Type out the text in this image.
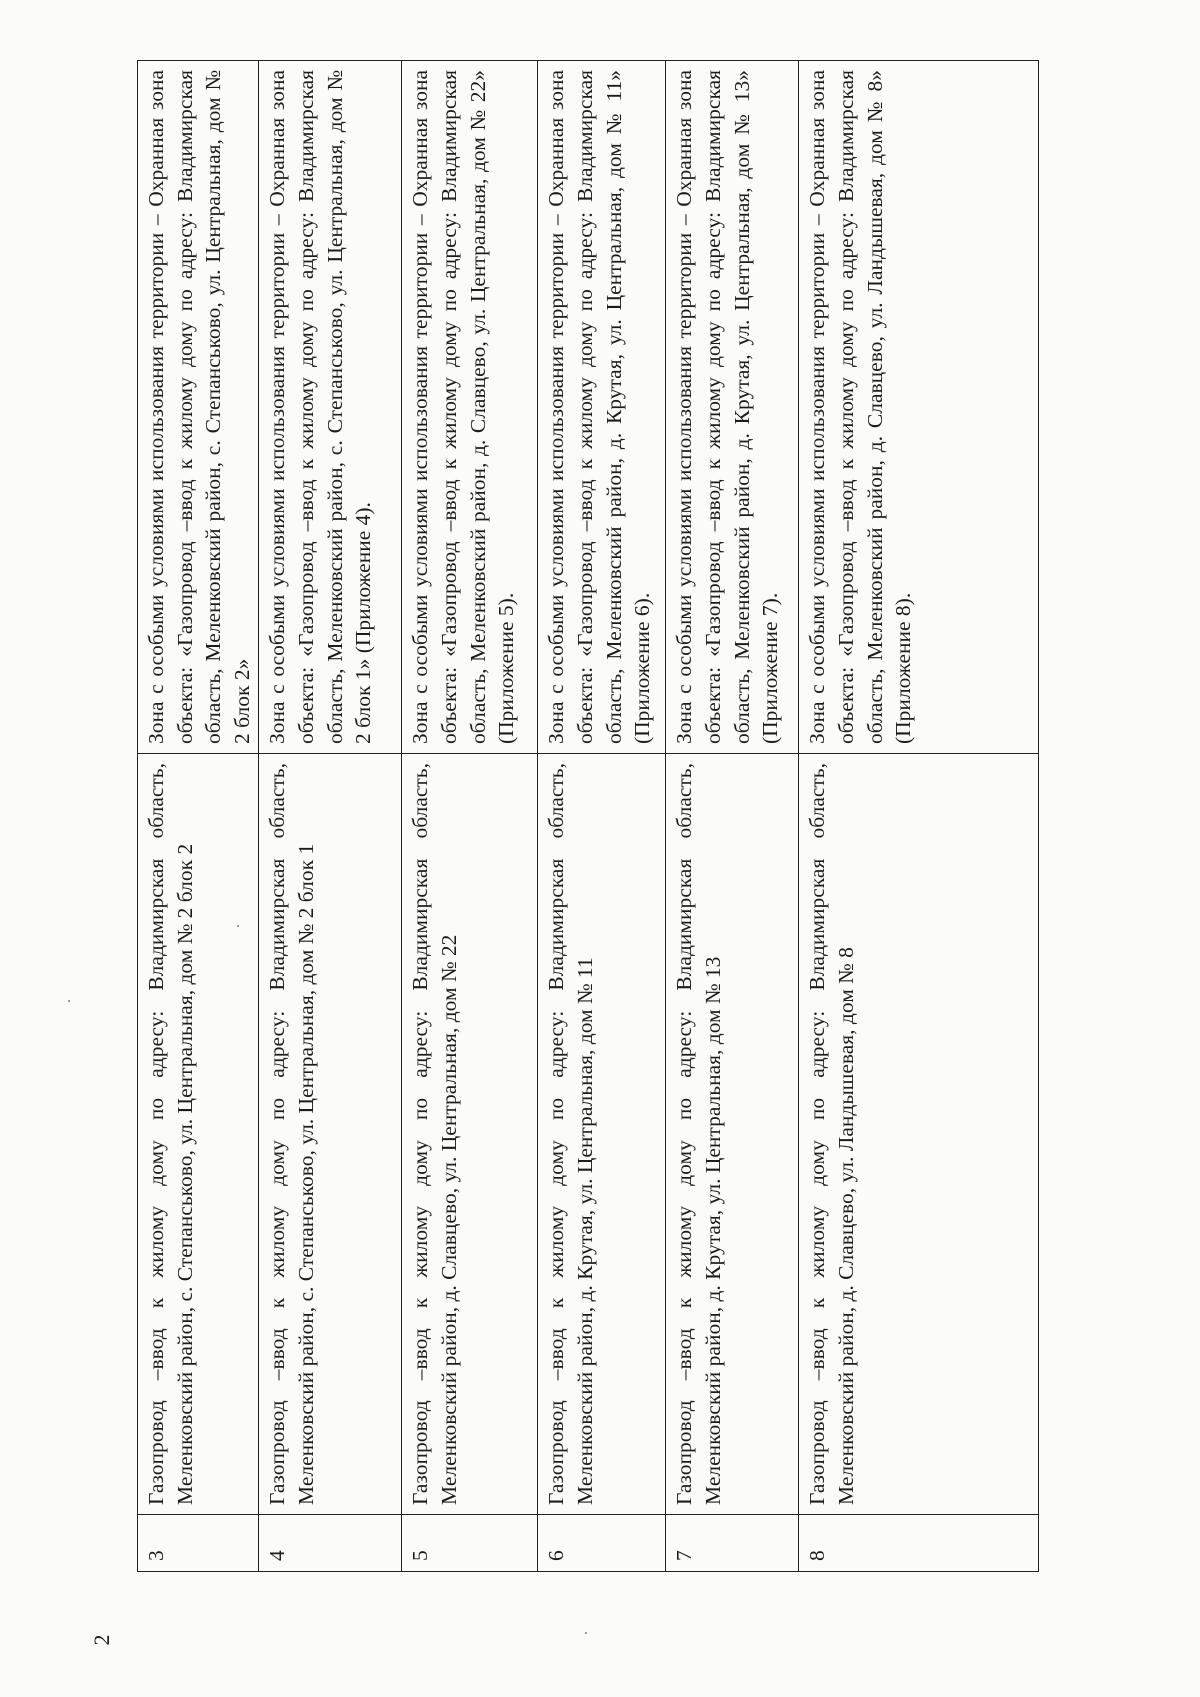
2
3	Газопровод –ввод к жилому дому по адресу: Владимирская область, Меленковский район, с. Степанськово, ул. Центральная, дом № 2 блок 2	Зона с особыми условиями использования территории – Охранная зона объекта: «Газопровод –ввод к жилому дому по адресу: Владимирская область, Меленковский район, с. Степанськово, ул. Центральная, дом № 2 блок 2»
4	Газопровод –ввод к жилому дому по адресу: Владимирская область, Меленковский район, с. Степанськово, ул. Центральная, дом № 2 блок 1	Зона с особыми условиями использования территории – Охранная зона объекта: «Газопровод –ввод к жилому дому по адресу: Владимирская область, Меленковский район, с. Степанськово, ул. Центральная, дом № 2 блок 1» (Приложение 4).
5	Газопровод –ввод к жилому дому по адресу: Владимирская область, Меленковский район, д. Славцево, ул. Центральная, дом № 22	Зона с особыми условиями использования территории – Охранная зона объекта: «Газопровод –ввод к жилому дому по адресу: Владимирская область, Меленковский район, д. Славцево, ул. Центральная, дом № 22» (Приложение 5).
6	Газопровод –ввод к жилому дому по адресу: Владимирская область, Меленковский район, д. Крутая, ул. Центральная, дом № 11	Зона с особыми условиями использования территории – Охранная зона объекта: «Газопровод –ввод к жилому дому по адресу: Владимирская область, Меленковский район, д. Крутая, ул. Центральная, дом № 11» (Приложение 6).
7	Газопровод –ввод к жилому дому по адресу: Владимирская область, Меленковский район, д. Крутая, ул. Центральная, дом № 13	Зона с особыми условиями использования территории – Охранная зона объекта: «Газопровод –ввод к жилому дому по адресу: Владимирская область, Меленковский район, д. Крутая, ул. Центральная, дом № 13» (Приложение 7).
8	Газопровод –ввод к жилому дому по адресу: Владимирская область, Меленковский район, д. Славцево, ул. Ландышевая, дом № 8	Зона с особыми условиями использования территории – Охранная зона объекта: «Газопровод –ввод к жилому дому по адресу: Владимирская область, Меленковский район, д. Славцево, ул. Ландышевая, дом № 8» (Приложение 8).
